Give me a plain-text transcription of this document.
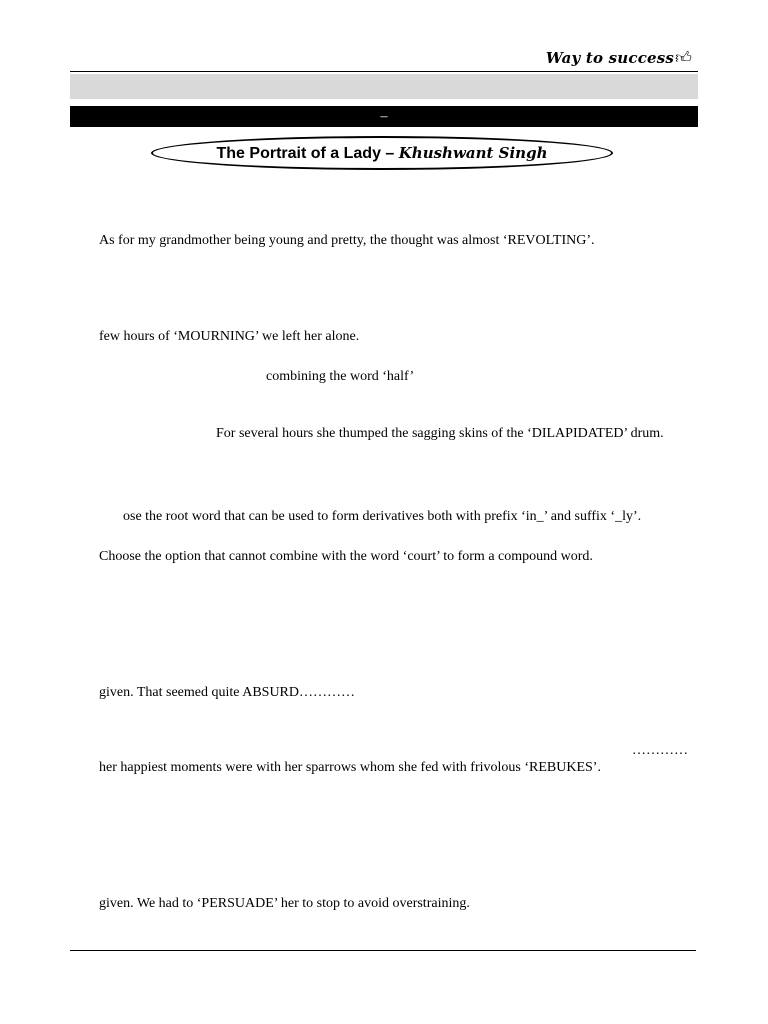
Way to success👍︎
–
The Portrait of a Lady – Khushwant Singh
As for my grandmother being young and pretty, the thought was almost ‘REVOLTING’.
few hours of ‘MOURNING’ we left her alone.
combining the word ‘half’
For several hours she thumped the sagging skins of the ‘DILAPIDATED’ drum.
ose the root word that can be used to form derivatives both with prefix ‘in_’ and suffix ‘_ly’.
Choose the option that cannot combine with the word ‘court’ to form a compound word.
given. That seemed quite ABSURD…………
…………
her happiest moments were with her sparrows whom she fed with frivolous ‘REBUKES’.
given. We had to ‘PERSUADE’ her to stop to avoid overstraining.
